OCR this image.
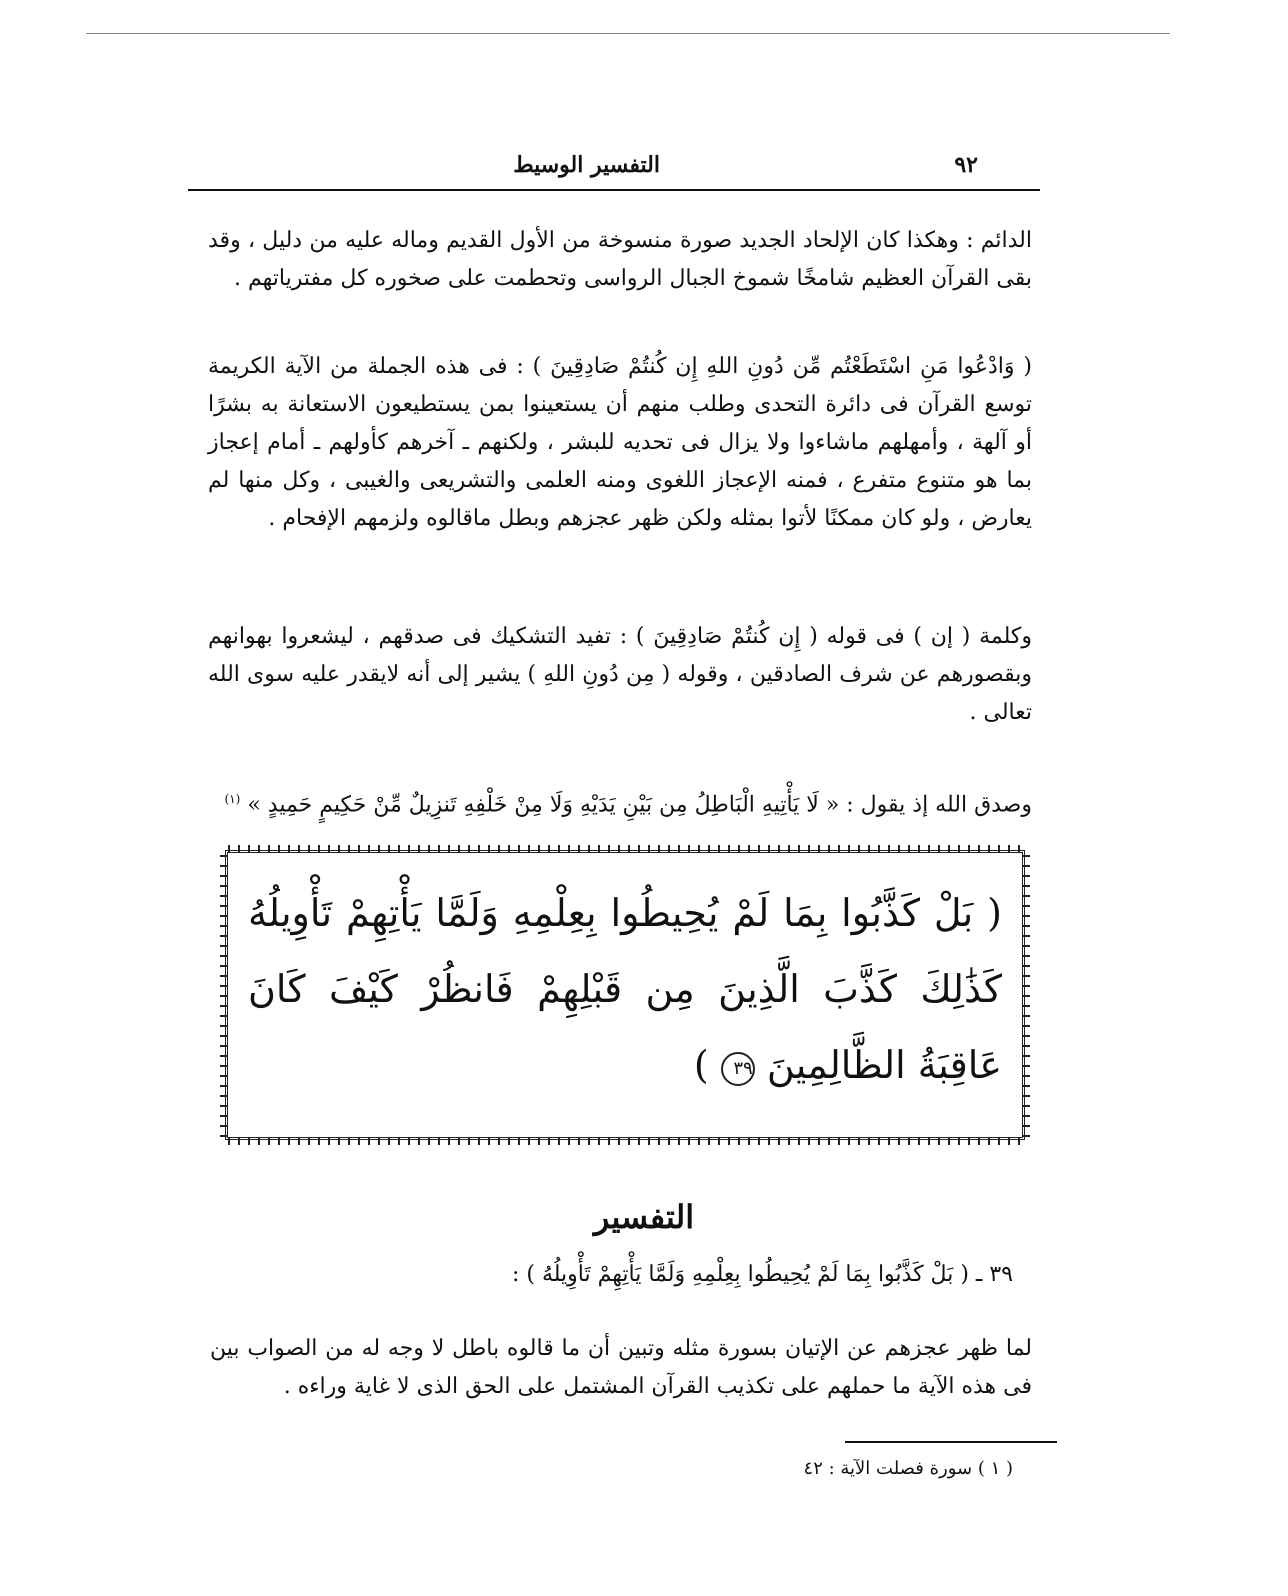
التفسير الوسيط	٩٢
الدائم : وهكذا كان الإلحاد الجديد صورة منسوخة من الأول القديم وماله عليه من دليل ، وقد بقى القرآن العظيم شامخًا شموخ الجبال الرواسى وتحطمت على صخوره كل مفترياتهم .
( وَادْعُوا مَنِ اسْتَطَعْتُم مِّن دُونِ اللهِ إِن كُنتُمْ صَادِقِينَ ) : فى هذه الجملة من الآية الكريمة توسع القرآن فى دائرة التحدى وطلب منهم أن يستعينوا بمن يستطيعون الاستعانة به بشرًا أو آلهة ، وأمهلهم ماشاءوا ولا يزال فى تحديه للبشر ، ولكنهم ـ آخرهم كأولهم ـ أمام إعجاز بما هو متنوع متفرع ، فمنه الإعجاز اللغوى ومنه العلمى والتشريعى والغيبى ، وكل منها لم يعارض ، ولو كان ممكنًا لأتوا بمثله ولكن ظهر عجزهم وبطل ماقالوه ولزمهم الإفحام .
وكلمة ( إن ) فى قوله ( إِن كُنتُمْ صَادِقِينَ ) : تفيد التشكيك فى صدقهم ، ليشعروا بهوانهم وبقصورهم عن شرف الصادقين ، وقوله ( مِن دُونِ اللهِ ) يشير إلى أنه لايقدر عليه سوى الله تعالى .
وصدق الله إذ يقول : « لَا يَأْتِيهِ الْبَاطِلُ مِن بَيْنِ يَدَيْهِ وَلَا مِنْ خَلْفِهِ تَنزِيلٌ مِّنْ حَكِيمٍ حَمِيدٍ » $^{(١)}$
( بَلْ كَذَّبُوا بِمَا لَمْ يُحِيطُوا بِعِلْمِهِ وَلَمَّا يَأْتِهِمْ تَأْوِيلُهُ كَذَٰلِكَ كَذَّبَ الَّذِينَ مِن قَبْلِهِمْ فَانظُرْ كَيْفَ كَانَ عَاقِبَةُ الظَّالِمِينَ ٣٩ )
التفسير
٣٩ ـ ( بَلْ كَذَّبُوا بِمَا لَمْ يُحِيطُوا بِعِلْمِهِ وَلَمَّا يَأْتِهِمْ تَأْوِيلُهُ ) :
لما ظهر عجزهم عن الإتيان بسورة مثله وتبين أن ما قالوه باطل لا وجه له من الصواب بين فى هذه الآية ما حملهم على تكذيب القرآن المشتمل على الحق الذى لا غاية وراءه .
( ١ ) سورة فصلت الآية : ٤٢
